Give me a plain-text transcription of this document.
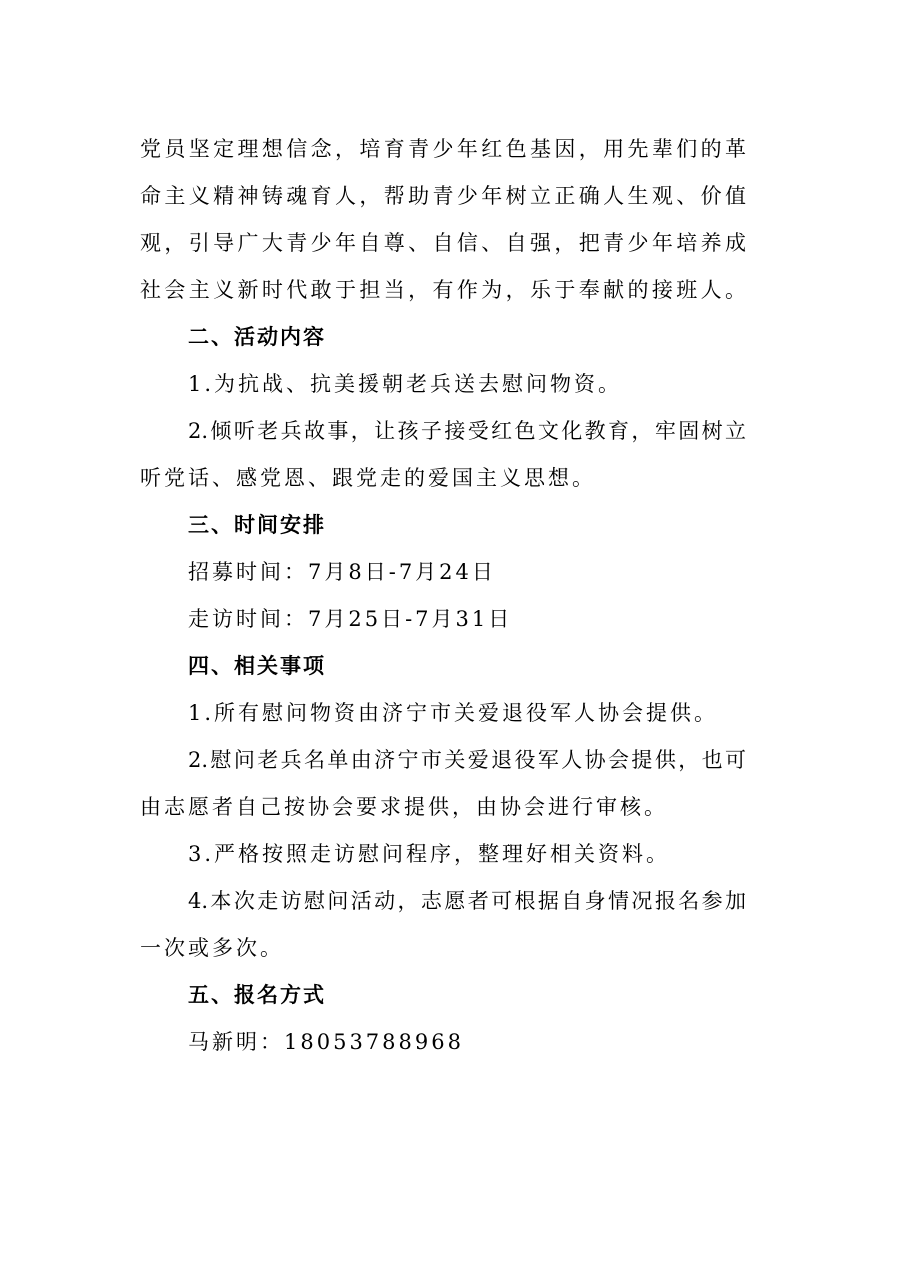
党员坚定理想信念，培育青少年红色基因，用先辈们的革

命主义精神铸魂育人，帮助青少年树立正确人生观、价值

观，引导广大青少年自尊、自信、自强，把青少年培养成

社会主义新时代敢于担当，有作为，乐于奉献的接班人。

二、活动内容

1.为抗战、抗美援朝老兵送去慰问物资。

2.倾听老兵故事，让孩子接受红色文化教育，牢固树立

听党话、感党恩、跟党走的爱国主义思想。

三、时间安排

招募时间：7月8日-7月24日

走访时间：7月25日-7月31日

四、相关事项

1.所有慰问物资由济宁市关爱退役军人协会提供。

2.慰问老兵名单由济宁市关爱退役军人协会提供，也可

由志愿者自己按协会要求提供，由协会进行审核。

3.严格按照走访慰问程序，整理好相关资料。

4.本次走访慰问活动，志愿者可根据自身情况报名参加

一次或多次。

五、报名方式

马新明：18053788968
